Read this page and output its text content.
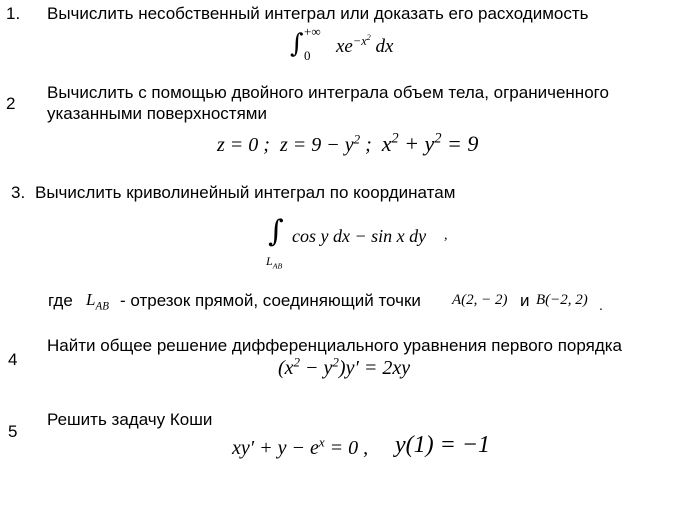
1. Вычислить несобственный интеграл или доказать его расходимость
∫ +∞
0 $xe^{-x^2}$ dx
2
Вычислить с помощью двойного интеграла объем тела, ограниченного
указанными поверхностями
z = 0 ; $z = 9 - y^2$ ; $x^2 + y^2 = 9$
3. Вычислить криволинейный интеграл по координатам
∫
$L_{AB}$
cos y dx − sin x dy ,
где $L_{AB}$ - отрезок прямой, соединяющий точки A(2, − 2) и B(−2, 2) .
4
Найти общее решение дифференциального уравнения первого порядка
$(x^2 - y^2)y' = 2xy$
5
Решить задачу Коши
$xy' + y - e^x = 0$ , y(1) = −1
